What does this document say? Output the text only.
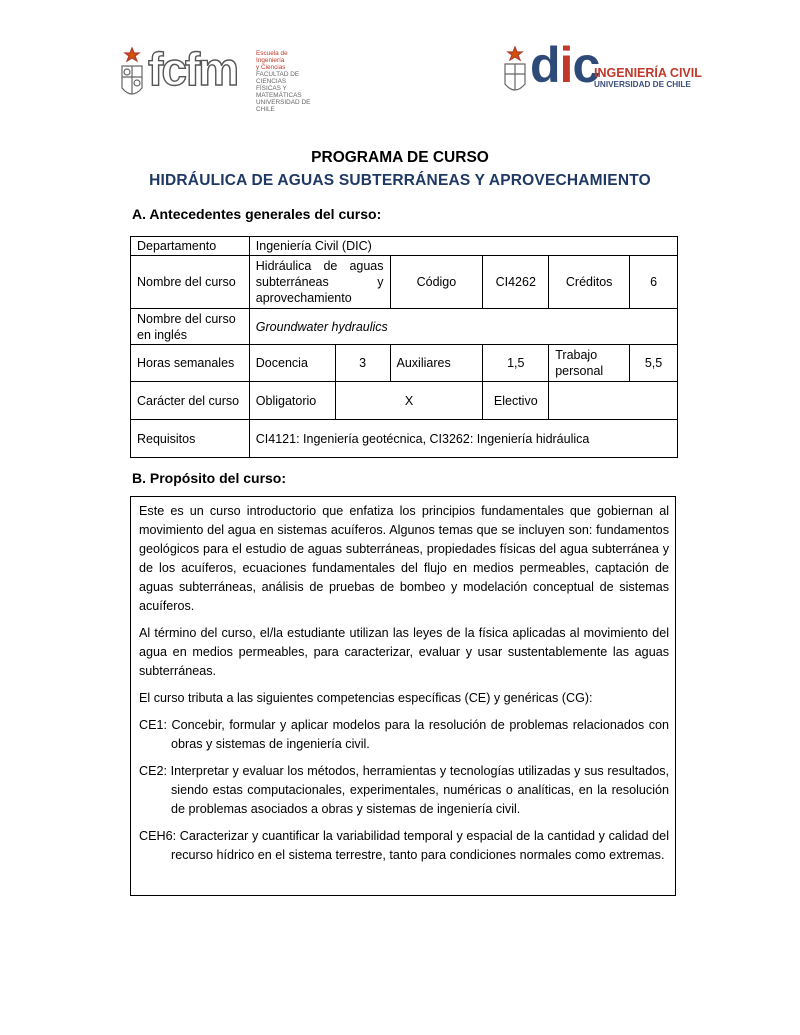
fcfm	Escuela de Ingeniería
y Ciencias
FACULTAD DE CIENCIAS
FÍSICAS Y MATEMÁTICAS
UNIVERSIDAD DE CHILE
dic
INGENIERÍA CIVIL
UNIVERSIDAD DE CHILE
PROGRAMA DE CURSO
HIDRÁULICA DE AGUAS SUBTERRÁNEAS Y APROVECHAMIENTO
A. Antecedentes generales del curso:
Departamento	Ingeniería Civil (DIC)					
Nombre del curso	Hidráulica de aguas subterráneas y aprovechamiento		Código	CI4262	Créditos	6
Nombre del curso en inglés	Groundwater hydraulics					
Horas semanales	Docencia	3	Auxiliares	1,5	Trabajo personal	5,5
Carácter del curso	Obligatorio	X		Electivo		
Requisitos	CI4121: Ingeniería geotécnica, CI3262: Ingeniería hidráulica					
B. Propósito del curso:

Este es un curso introductorio que enfatiza los principios fundamentales que gobiernan al movimiento del agua en sistemas acuíferos. Algunos temas que se incluyen son: fundamentos geológicos para el estudio de aguas subterráneas, propiedades físicas del agua subterránea y de los acuíferos, ecuaciones fundamentales del flujo en medios permeables, captación de aguas subterráneas, análisis de pruebas de bombeo y modelación conceptual de sistemas acuíferos.

Al término del curso, el/la estudiante utilizan las leyes de la física aplicadas al movimiento del agua en medios permeables, para caracterizar, evaluar y usar sustentablemente las aguas subterráneas.

El curso tributa a las siguientes competencias específicas (CE) y genéricas (CG):

CE1: Concebir, formular y aplicar modelos para la resolución de problemas relacionados con obras y sistemas de ingeniería civil.

CE2: Interpretar y evaluar los métodos, herramientas y tecnologías utilizadas y sus resultados, siendo estas computacionales, experimentales, numéricas o analíticas, en la resolución de problemas asociados a obras y sistemas de ingeniería civil.

CEH6: Caracterizar y cuantificar la variabilidad temporal y espacial de la cantidad y calidad del recurso hídrico en el sistema terrestre, tanto para condiciones normales como extremas.
